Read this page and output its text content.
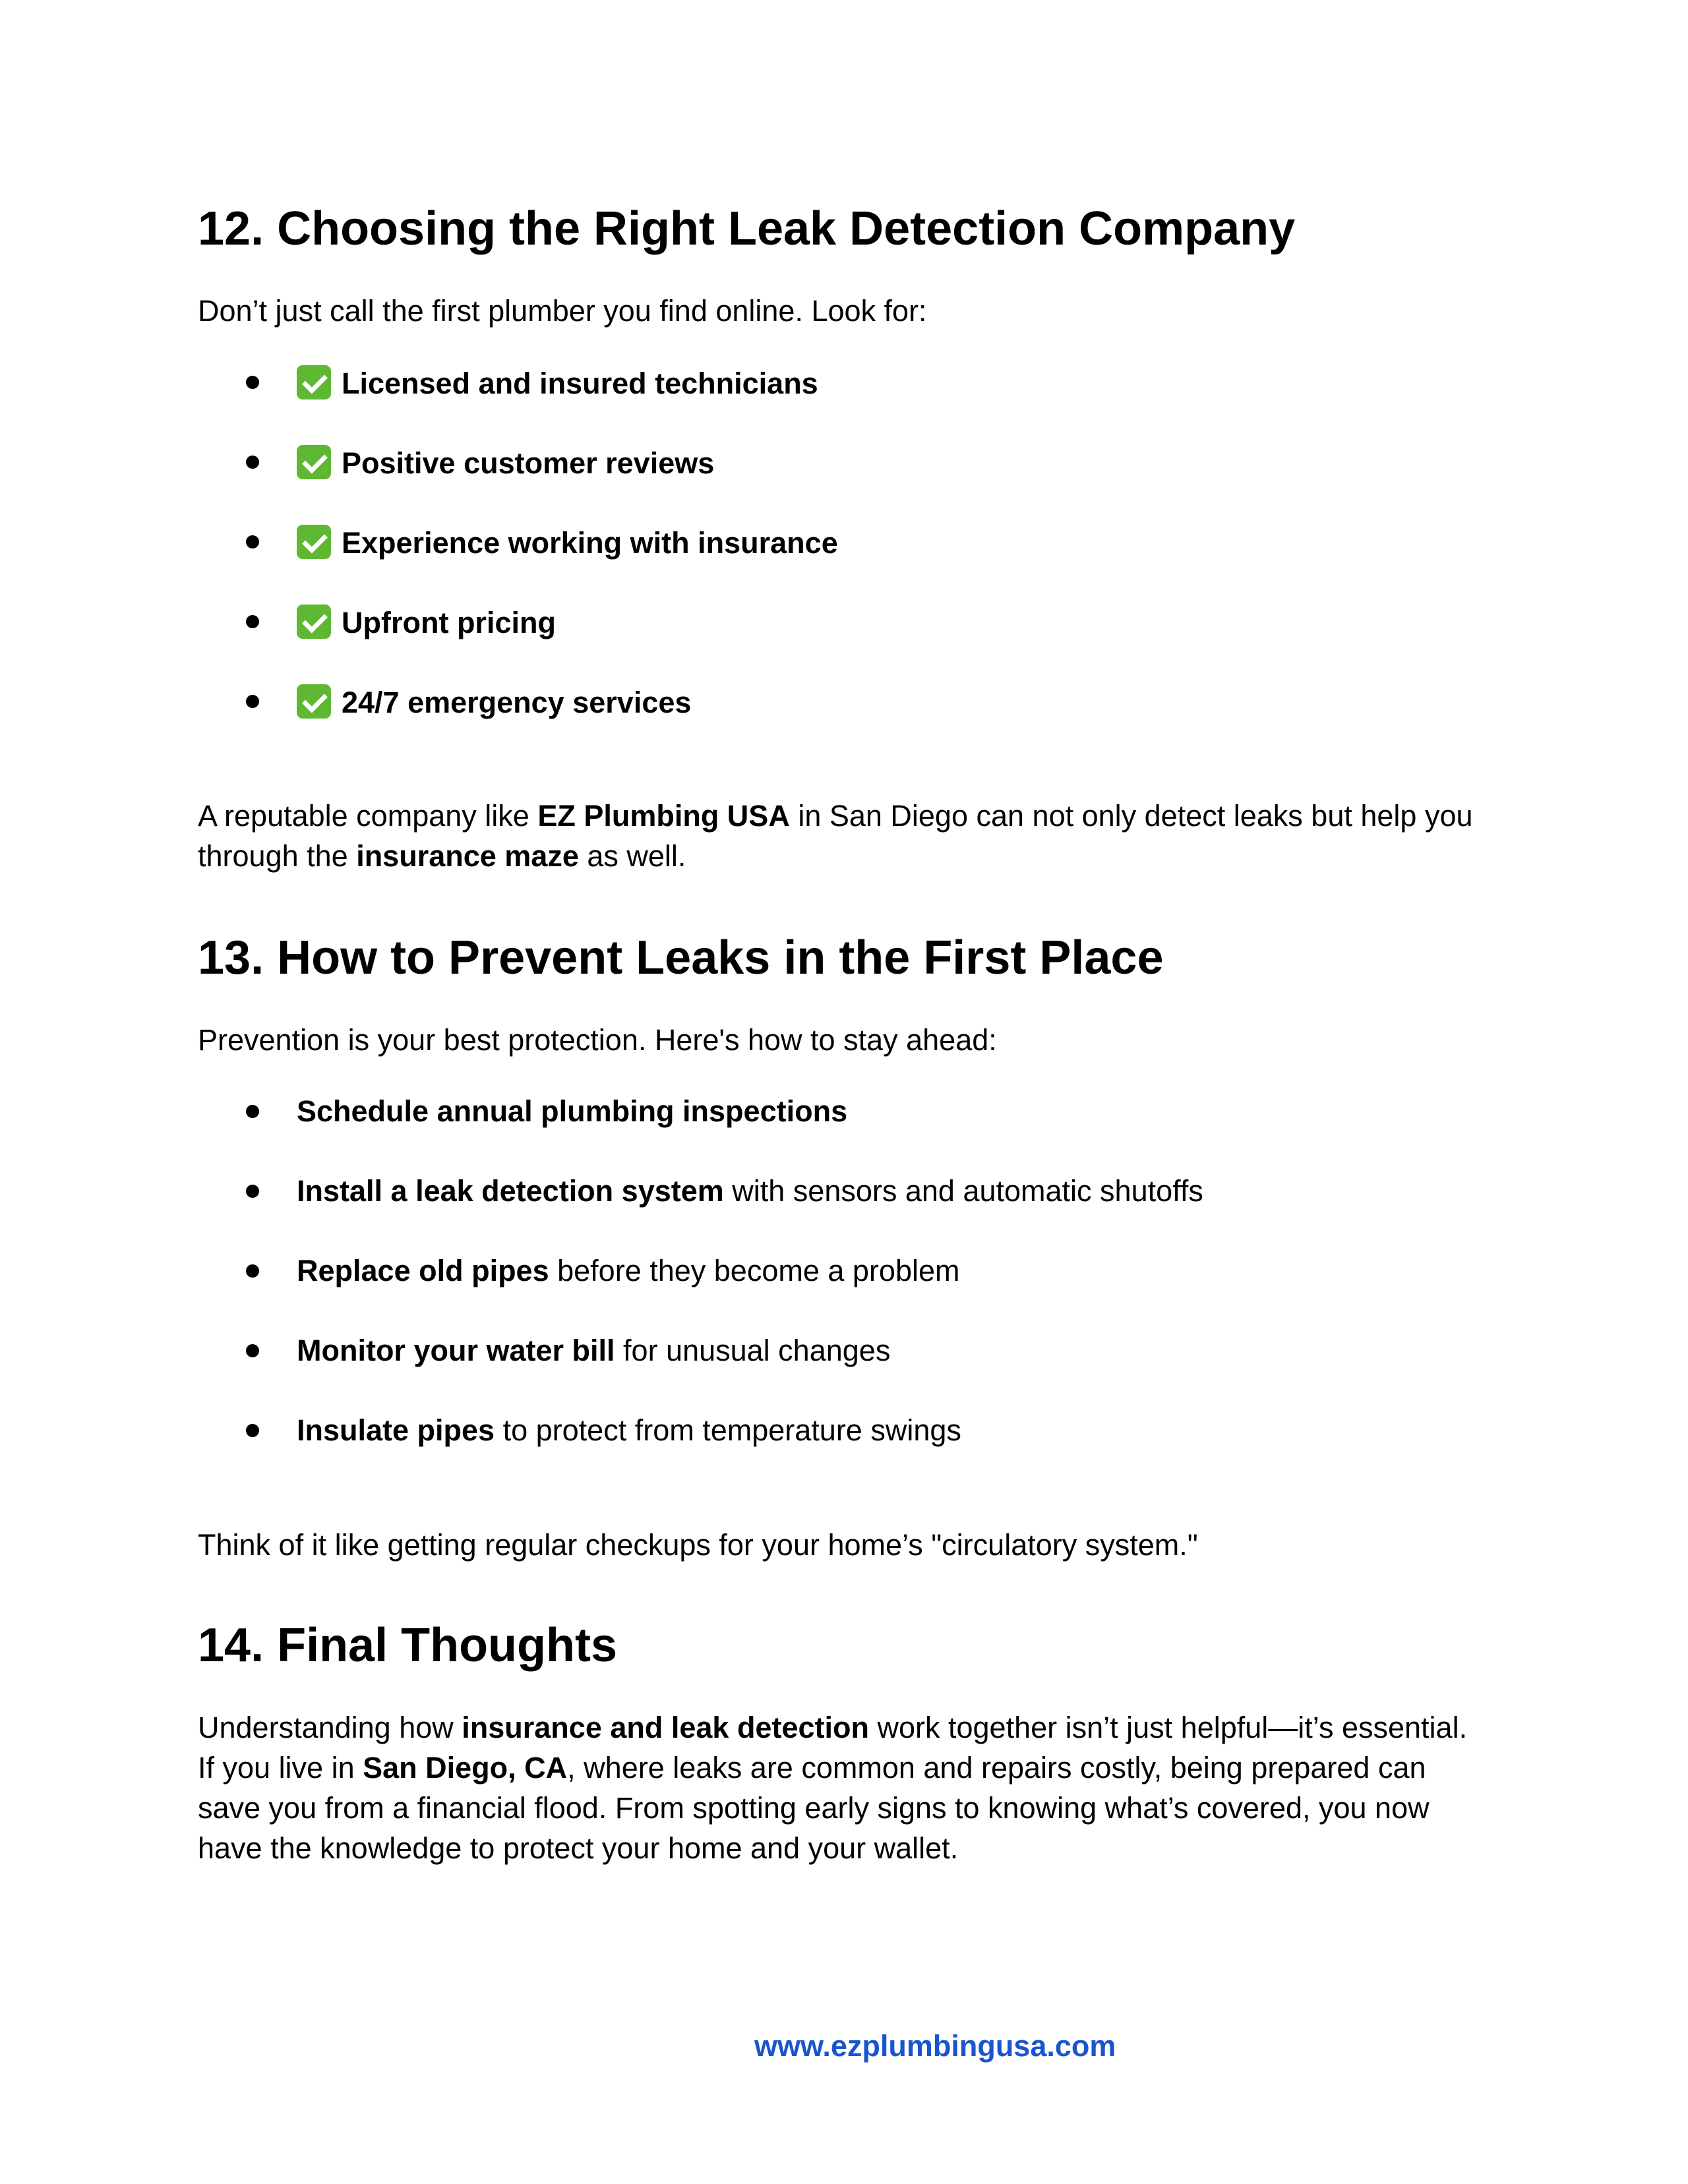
12. Choosing the Right Leak Detection Company

Don’t just call the first plumber you find online. Look for:

Licensed and insured technicians
Positive customer reviews
Experience working with insurance
Upfront pricing
24/7 emergency services

A reputable company like EZ Plumbing USA in San Diego can not only detect leaks but help you through the insurance maze as well.

13. How to Prevent Leaks in the First Place

Prevention is your best protection. Here's how to stay ahead:

Schedule annual plumbing inspections
Install a leak detection system with sensors and automatic shutoffs
Replace old pipes before they become a problem
Monitor your water bill for unusual changes
Insulate pipes to protect from temperature swings

Think of it like getting regular checkups for your home’s "circulatory system."

14. Final Thoughts

Understanding how insurance and leak detection work together isn’t just helpful—it’s essential. If you live in San Diego, CA, where leaks are common and repairs costly, being prepared can save you from a financial flood. From spotting early signs to knowing what’s covered, you now have the knowledge to protect your home and your wallet.

www.ezplumbingusa.com
